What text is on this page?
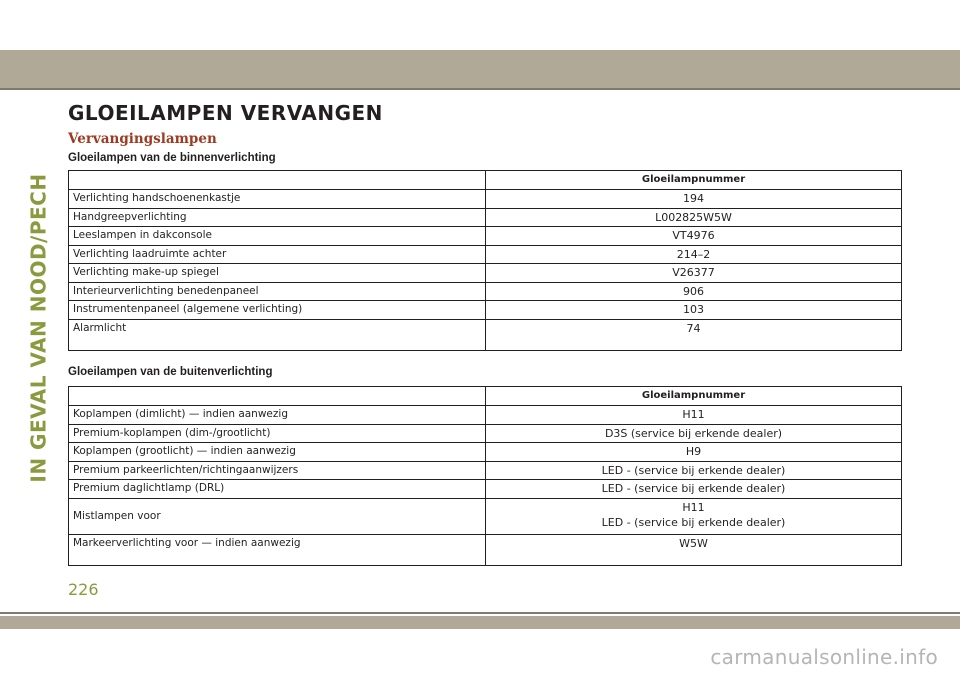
IN GEVAL VAN NOOD/PECH
GLOEILAMPEN VERVANGEN
Vervangingslampen

Gloeilampen van de binnenverlichting

	Gloeilampnummer
Verlichting handschoenenkastje	194
Handgreepverlichting	L002825W5W
Leeslampen in dakconsole	VT4976
Verlichting laadruimte achter	214–2
Verlichting make-up spiegel	V26377
Interieurverlichting benedenpaneel	906
Instrumentenpaneel (algemene verlichting)	103
Alarmlicht	74

Gloeilampen van de buitenverlichting

	Gloeilampnummer
Koplampen (dimlicht) — indien aanwezig	H11
Premium-koplampen (dim-/grootlicht)	D3S (service bij erkende dealer)
Koplampen (grootlicht) — indien aanwezig	H9
Premium parkeerlichten/richtingaanwijzers	LED - (service bij erkende dealer)
Premium daglichtlamp (DRL)	LED - (service bij erkende dealer)
Mistlampen voor	H11
LED - (service bij erkende dealer)

Markeerverlichting voor — indien aanwezig	W5W

226

carmanualsonline.info
